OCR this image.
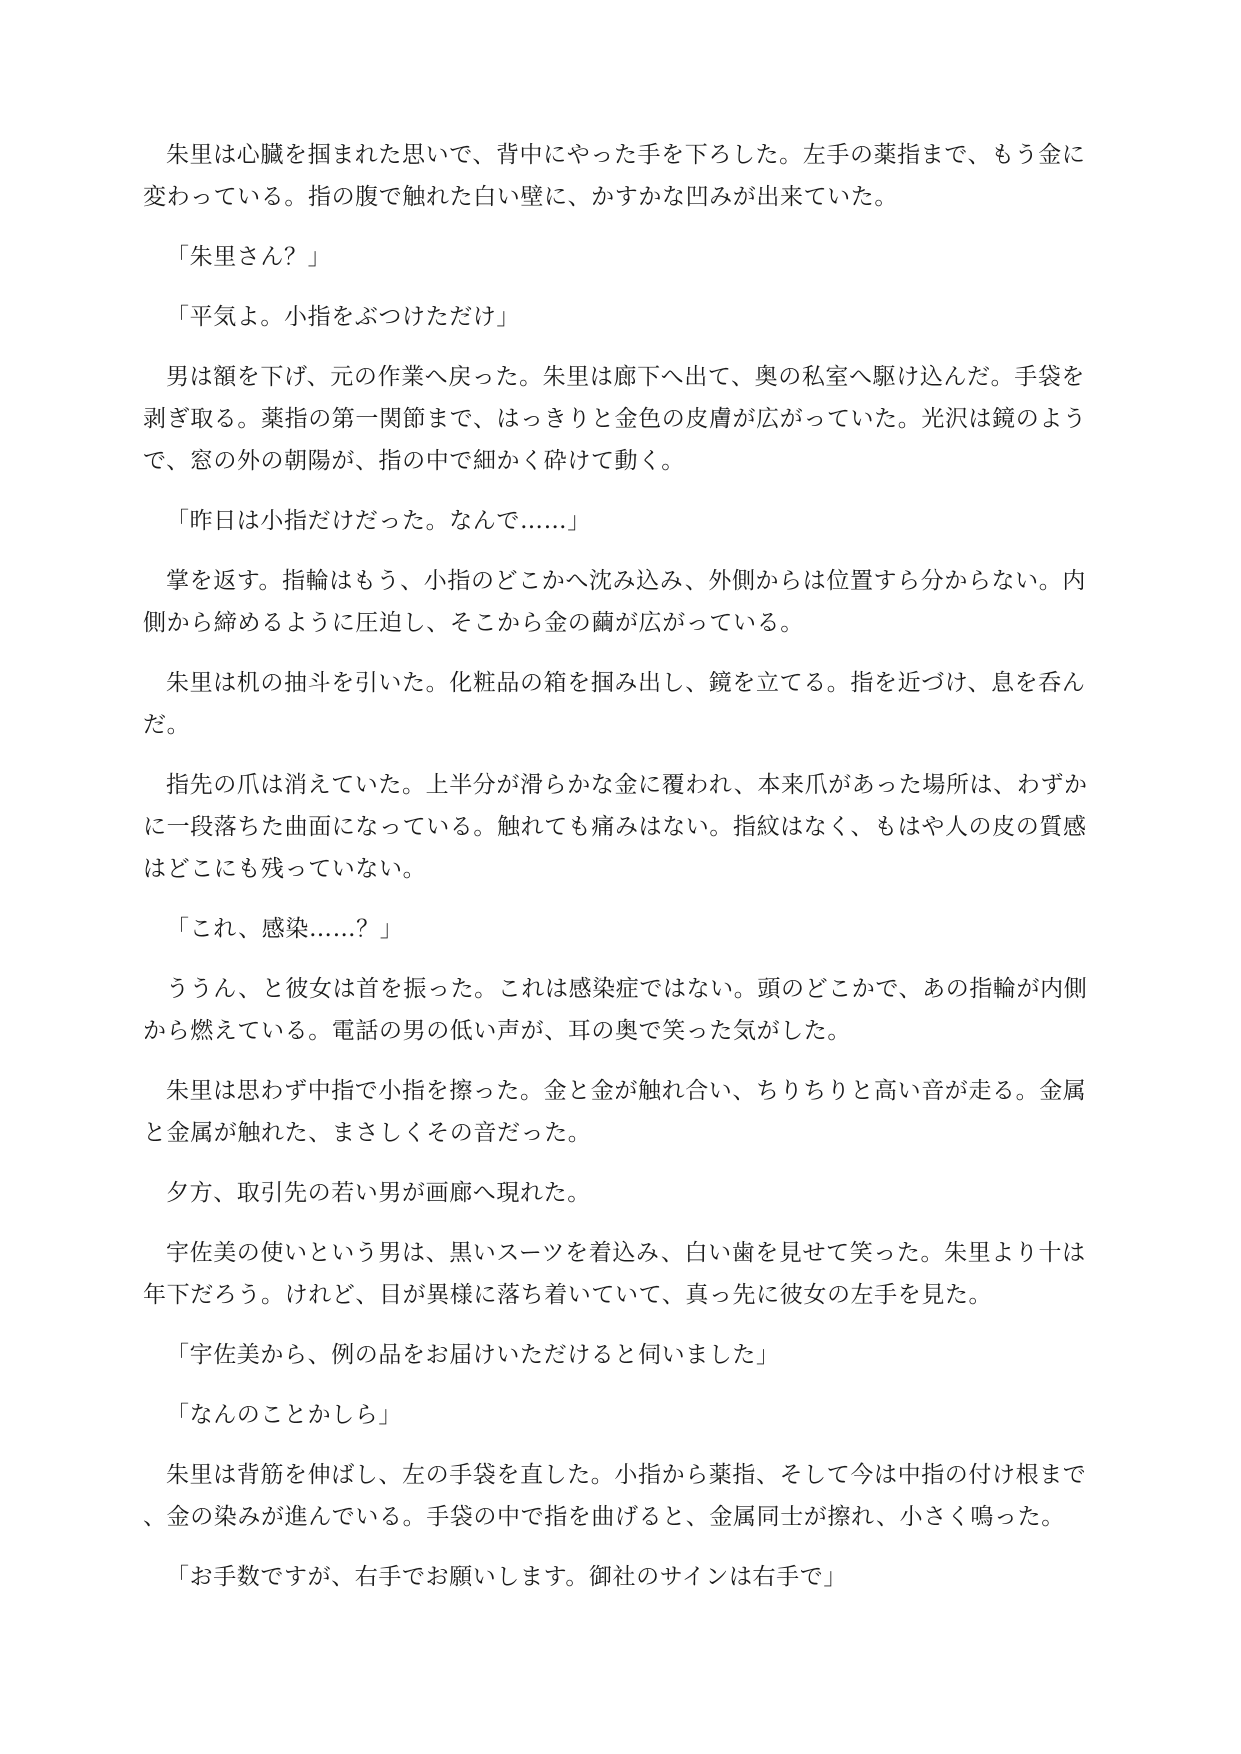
朱里は心臓を掴まれた思いで、背中にやった手を下ろした。左手の薬指まで、もう金に変わっている。指の腹で触れた白い壁に、かすかな凹みが出来ていた。

「朱里さん？」

「平気よ。小指をぶつけただけ」

男は額を下げ、元の作業へ戻った。朱里は廊下へ出て、奥の私室へ駆け込んだ。手袋を剥ぎ取る。薬指の第一関節まで、はっきりと金色の皮膚が広がっていた。光沢は鏡のようで、窓の外の朝陽が、指の中で細かく砕けて動く。

「昨日は小指だけだった。なんで……」

掌を返す。指輪はもう、小指のどこかへ沈み込み、外側からは位置すら分からない。内側から締めるように圧迫し、そこから金の繭が広がっている。

朱里は机の抽斗を引いた。化粧品の箱を掴み出し、鏡を立てる。指を近づけ、息を呑んだ。

指先の爪は消えていた。上半分が滑らかな金に覆われ、本来爪があった場所は、わずかに一段落ちた曲面になっている。触れても痛みはない。指紋はなく、もはや人の皮の質感はどこにも残っていない。

「これ、感染……？」

ううん、と彼女は首を振った。これは感染症ではない。頭のどこかで、あの指輪が内側から燃えている。電話の男の低い声が、耳の奥で笑った気がした。

朱里は思わず中指で小指を擦った。金と金が触れ合い、ちりちりと高い音が走る。金属と金属が触れた、まさしくその音だった。

夕方、取引先の若い男が画廊へ現れた。

宇佐美の使いという男は、黒いスーツを着込み、白い歯を見せて笑った。朱里より十は年下だろう。けれど、目が異様に落ち着いていて、真っ先に彼女の左手を見た。

「宇佐美から、例の品をお届けいただけると伺いました」

「なんのことかしら」

朱里は背筋を伸ばし、左の手袋を直した。小指から薬指、そして今は中指の付け根まで、金の染みが進んでいる。手袋の中で指を曲げると、金属同士が擦れ、小さく鳴った。

「お手数ですが、右手でお願いします。御社のサインは右手で」
